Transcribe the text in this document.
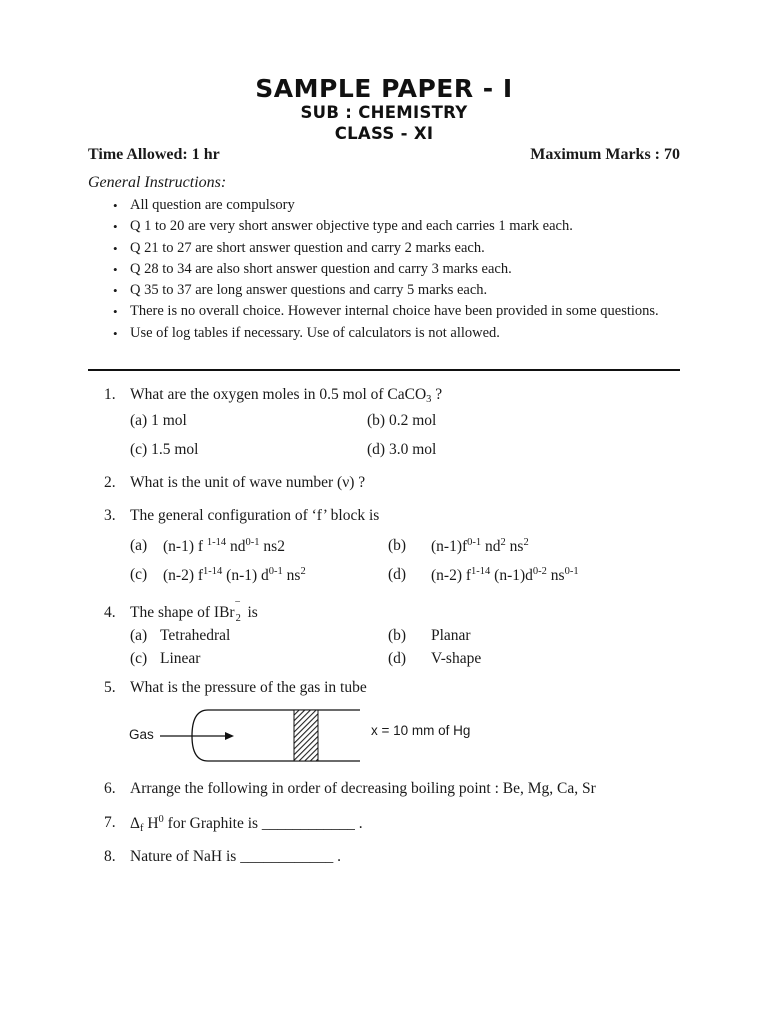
SAMPLE PAPER - I
SUB : CHEMISTRY
CLASS - XI
Time Allowed: 1 hr	Maximum Marks : 70
General Instructions:
• All question are compulsory
• Q 1 to 20 are very short answer objective type and each carries 1 mark each.
• Q 21 to 27 are short answer question and carry 2 marks each.
• Q 28 to 34 are also short answer question and carry 3 marks each.
• Q 35 to 37 are long answer questions and carry 5 marks each.
• There is no overall choice. However internal choice have been provided in some questions.
• Use of log tables if necessary. Use of calculators is not allowed.
1. What are the oxygen moles in 0.5 mol of CaCO$_3$ ?
(a) 1 mol	(b) 0.2 mol
(c) 1.5 mol	(d) 3.0 mol
2. What is the unit of wave number (ν) ?
3. The general configuration of ‘f’ block is
(a) (n-1) f $^{1-14}$ $nd^{0-1}$ ns2	(b) $(n-1)f^{0-1}$ $nd^2$ $ns^2$
(c) (n-2) $f^{1-14}$ (n-1) $d^{0-1}$ $ns^2$	(d) (n-2) $f^{1-14}$ $(n-1)d^{0-2}$ $ns^{0-1}$
4. The shape of IBr
−
2 is
(a) Tetrahedral	(b) Planar
(c) Linear	(d) V-shape
5. What is the pressure of the gas in tube
Gas	x = 10 mm of Hg
6. Arrange the following in order of decreasing boiling point : Be, Mg, Ca, Sr
7. $\Delta_f$ $H^0$ for Graphite is ____________ .
8. Nature of NaH is ____________ .
